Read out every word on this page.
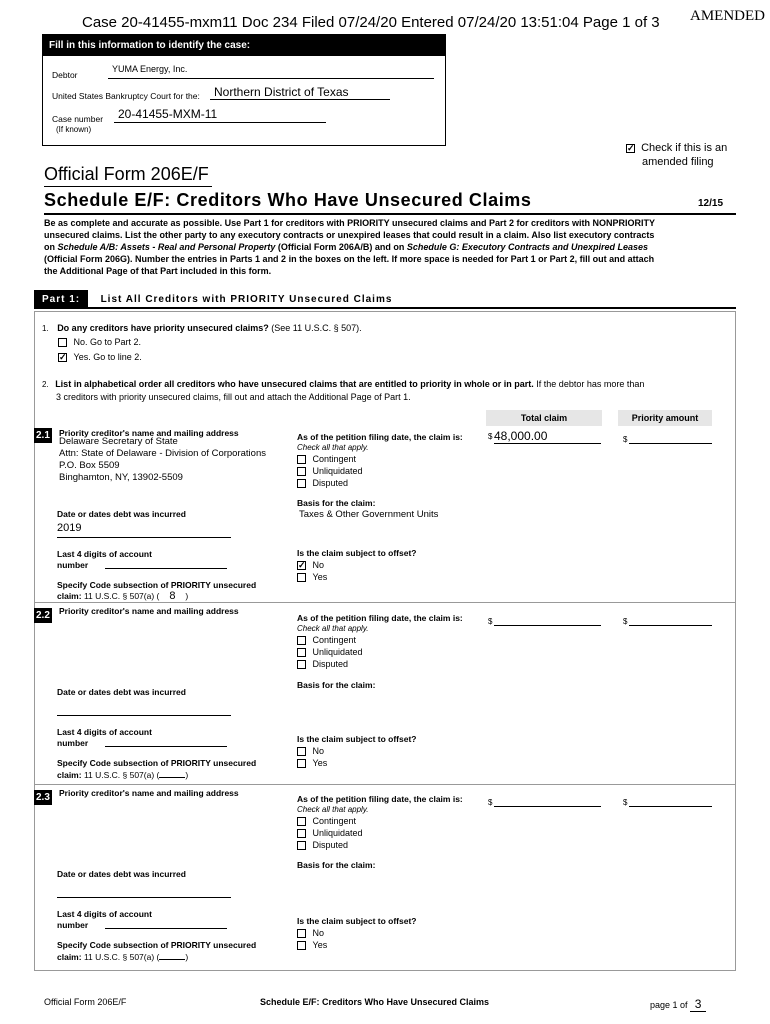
Case 20-41455-mxm11 Doc 234 Filed 07/24/20 Entered 07/24/20 13:51:04 Page 1 of 3 AMENDED
Fill in this information to identify the case:
Debtor
YUMA Energy, Inc.
United States Bankruptcy Court for the:	Northern District of Texas
Case number
(If known)
20-41455-MXM-11
✓ Check if this is an
amended filing
Official Form 206E/F
Schedule E/F: Creditors Who Have Unsecured Claims	12/15
Be as complete and accurate as possible. Use Part 1 for creditors with PRIORITY unsecured claims and Part 2 for creditors with NONPRIORITY
unsecured claims. List the other party to any executory contracts or unexpired leases that could result in a claim. Also list executory contracts
on Schedule A/B: Assets - Real and Personal Property (Official Form 206A/B) and on Schedule G: Executory Contracts and Unexpired Leases
(Official Form 206G). Number the entries in Parts 1 and 2 in the boxes on the left. If more space is needed for Part 1 or Part 2, fill out and attach
the Additional Page of that Part included in this form.
Part 1: List All Creditors with PRIORITY Unsecured Claims
1. Do any creditors have priority unsecured claims? (See 11 U.S.C. § 507).
No. Go to Part 2.
✓ Yes. Go to line 2.
2. List in alphabetical order all creditors who have unsecured claims that are entitled to priority in whole or in part. If the debtor has more than
3 creditors with priority unsecured claims, fill out and attach the Additional Page of Part 1.
Total claim	Priority amount
2.1 Priority creditor's name and mailing address
Delaware Secretary of State
Attn: State of Delaware - Division of Corporations
P.O. Box 5509
Binghamton, NY, 13902-5509
As of the petition filing date, the claim is:
Check all that apply.
Contingent
Unliquidated
Disputed
$ 48,000.00	$
Basis for the claim:
Taxes & Other Government Units
Date or dates debt was incurred
2019
Last 4 digits of account
number
Is the claim subject to offset?
✓ No
Yes
Specify Code subsection of PRIORITY unsecured
claim: 11 U.S.C. § 507(a) ( 8 )
2.2 Priority creditor's name and mailing address
As of the petition filing date, the claim is:
Check all that apply.
Contingent
Unliquidated
Disputed
$	$
Basis for the claim:
Date or dates debt was incurred
Last 4 digits of account
number	Is the claim subject to offset?
No
Yes
Specify Code subsection of PRIORITY unsecured
claim: 11 U.S.C. § 507(a) (	)
2.3 Priority creditor's name and mailing address
As of the petition filing date, the claim is:
Check all that apply.
Contingent
Unliquidated
Disputed
$	$
Basis for the claim:
Date or dates debt was incurred
Last 4 digits of account
number	Is the claim subject to offset?
No
Yes
Specify Code subsection of PRIORITY unsecured
claim: 11 U.S.C. § 507(a) (	)
Official Form 206E/F	Schedule E/F: Creditors Who Have Unsecured Claims	page 1 of 3
